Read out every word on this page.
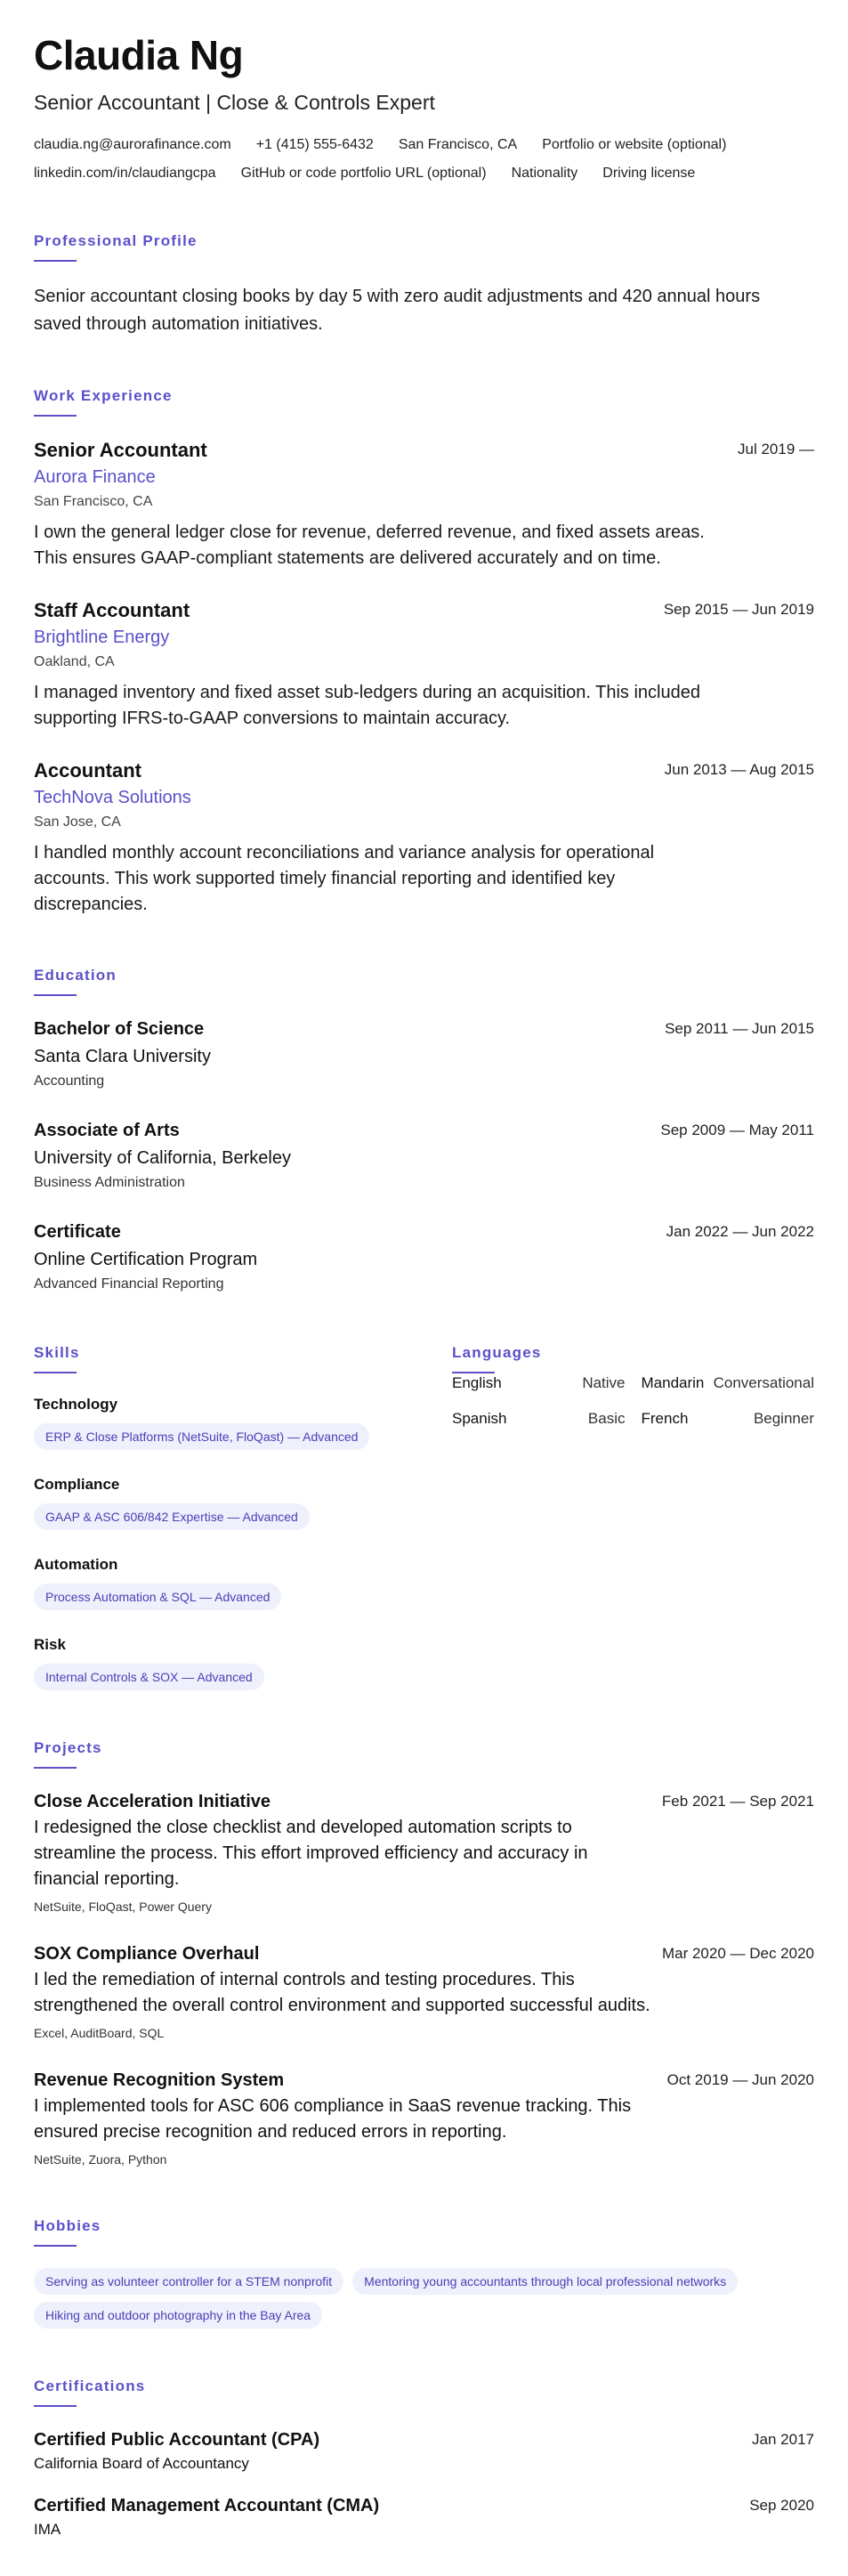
Claudia Ng
Senior Accountant | Close & Controls Expert
claudia.ng@aurorafinance.com +1 (415) 555-6432 San Francisco, CA Portfolio or website (optional)
linkedin.com/in/claudiangcpa GitHub or code portfolio URL (optional) Nationality Driving license
Professional Profile

Senior accountant closing books by day 5 with zero audit adjustments and 420 annual hours saved through automation initiatives.

Work Experience
Senior Accountant	Jul 2019 —
Aurora Finance
San Francisco, CA

I own the general ledger close for revenue, deferred revenue, and fixed assets areas. This ensures GAAP-compliant statements are delivered accurately and on time.

Staff Accountant	Sep 2015 — Jun 2019
Brightline Energy
Oakland, CA

I managed inventory and fixed asset sub-ledgers during an acquisition. This included supporting IFRS-to-GAAP conversions to maintain accuracy.

Accountant	Jun 2013 — Aug 2015
TechNova Solutions
San Jose, CA

I handled monthly account reconciliations and variance analysis for operational accounts. This work supported timely financial reporting and identified key discrepancies.

Education
Bachelor of Science	Sep 2011 — Jun 2015
Santa Clara University
Accounting
Associate of Arts	Sep 2009 — May 2011
University of California, Berkeley
Business Administration
Certificate	Jan 2022 — Jun 2022
Online Certification Program
Advanced Financial Reporting
Skills
Technology
ERP & Close Platforms (NetSuite, FloQast) — Advanced
Compliance
GAAP & ASC 606/842 Expertise — Advanced
Automation
Process Automation & SQL — Advanced
Risk
Internal Controls & SOX — Advanced
Languages
English	Native Mandarin Conversational
Spanish	Basic French	Beginner
Projects
Close Acceleration Initiative	Feb 2021 — Sep 2021

I redesigned the close checklist and developed automation scripts to streamline the process. This effort improved efficiency and accuracy in financial reporting.

NetSuite, FloQast, Power Query
SOX Compliance Overhaul	Mar 2020 — Dec 2020

I led the remediation of internal controls and testing procedures. This strengthened the overall control environment and supported successful audits.

Excel, AuditBoard, SQL
Revenue Recognition System	Oct 2019 — Jun 2020

I implemented tools for ASC 606 compliance in SaaS revenue tracking. This ensured precise recognition and reduced errors in reporting.

NetSuite, Zuora, Python
Hobbies
Serving as volunteer controller for a STEM nonprofit	Mentoring young accountants through local professional networks
Hiking and outdoor photography in the Bay Area
Certifications
Certified Public Accountant (CPA)	Jan 2017
California Board of Accountancy
Certified Management Accountant (CMA)	Sep 2020
IMA
